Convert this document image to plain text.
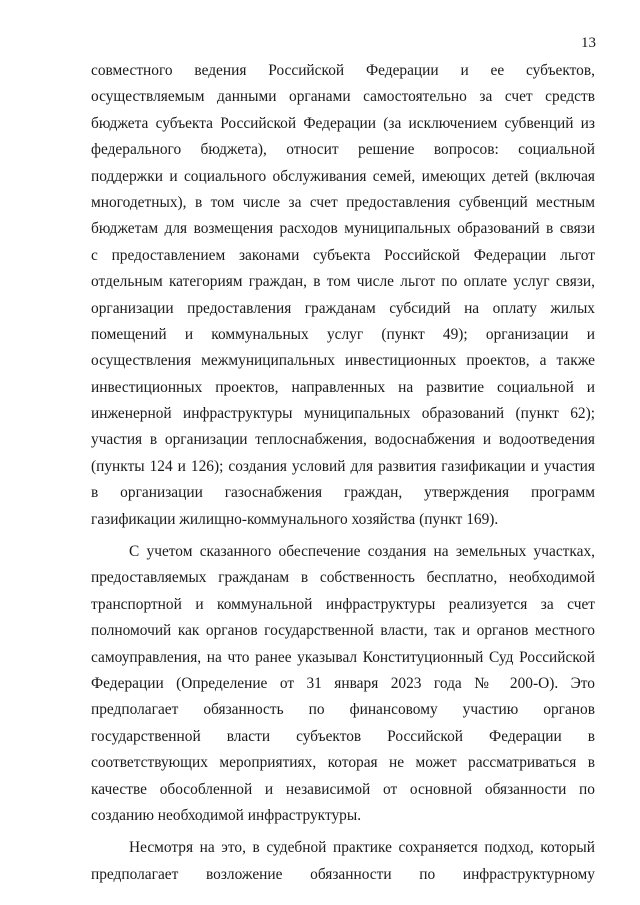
13
совместного ведения Российской Федерации и ее субъектов,
осуществляемым данными органами самостоятельно за счет средств
бюджета субъекта Российской Федерации (за исключением субвенций из
федерального бюджета), относит решение вопросов: социальной
поддержки и социального обслуживания семей, имеющих детей (включая
многодетных), в том числе за счет предоставления субвенций местным
бюджетам для возмещения расходов муниципальных образований в связи
с предоставлением законами субъекта Российской Федерации льгот
отдельным категориям граждан, в том числе льгот по оплате услуг связи,
организации предоставления гражданам субсидий на оплату жилых
помещений и коммунальных услуг (пункт 49); организации и
осуществления межмуниципальных инвестиционных проектов, а также
инвестиционных проектов, направленных на развитие социальной и
инженерной инфраструктуры муниципальных образований (пункт 62);
участия в организации теплоснабжения, водоснабжения и водоотведения
(пункты 124 и 126); создания условий для развития газификации и участия
в организации газоснабжения граждан, утверждения программ
газификации жилищно-коммунального хозяйства (пункт 169).
С учетом сказанного обеспечение создания на земельных участках,
предоставляемых гражданам в собственность бесплатно, необходимой
транспортной и коммунальной инфраструктуры реализуется за счет
полномочий как органов государственной власти, так и органов местного
самоуправления, на что ранее указывал Конституционный Суд Российской
Федерации (Определение от 31 января 2023 года № 200-О). Это
предполагает обязанность по финансовому участию органов
государственной власти субъектов Российской Федерации в
соответствующих мероприятиях, которая не может рассматриваться в
качестве обособленной и независимой от основной обязанности по
созданию необходимой инфраструктуры.
Несмотря на это, в судебной практике сохраняется подход, который
предполагает возложение обязанности по инфраструктурному
